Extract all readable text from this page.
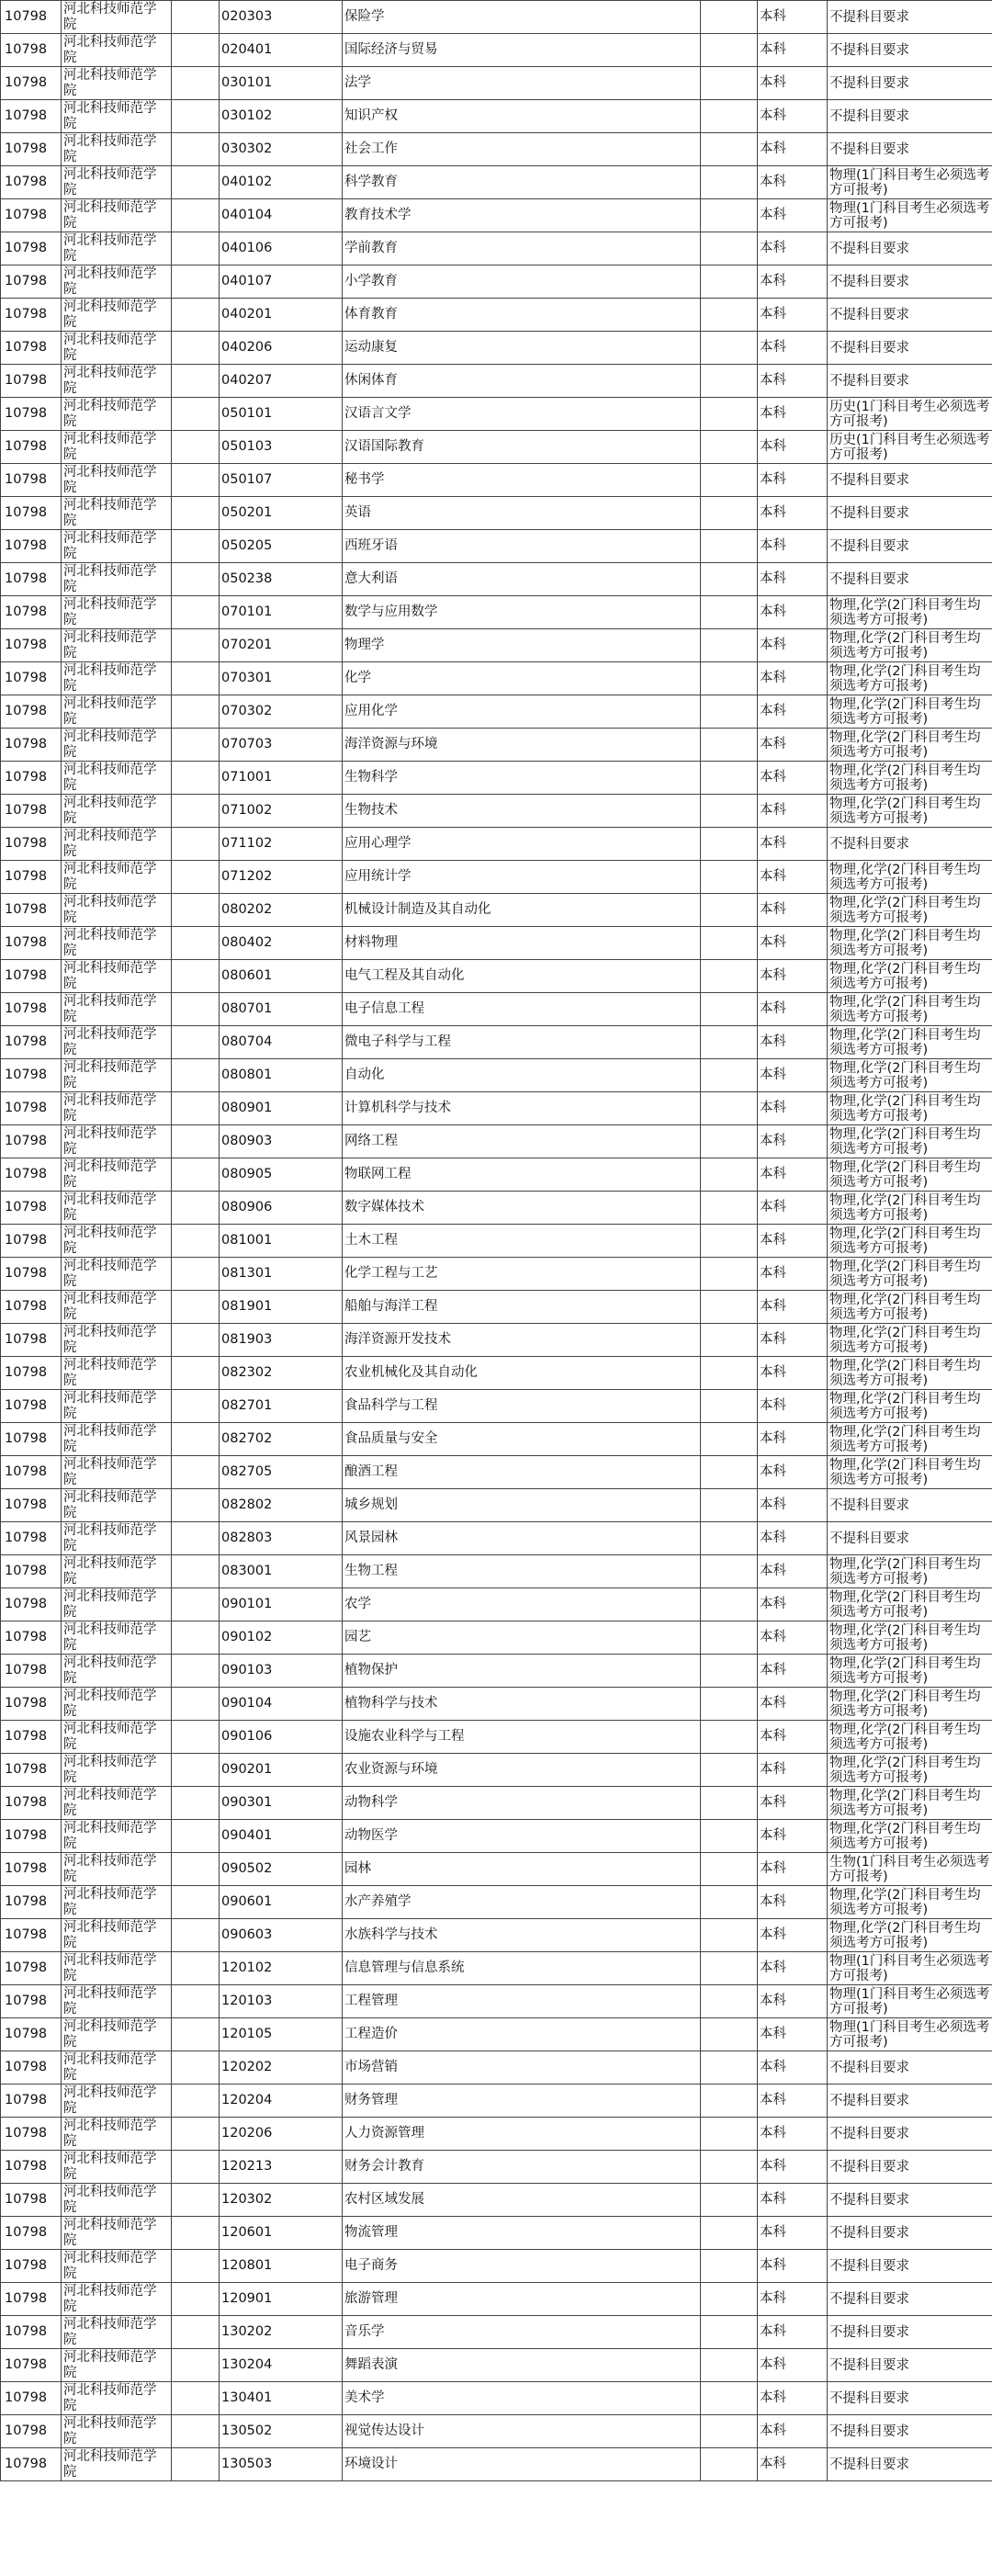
10798	河北科技师范学院		020303	保险学		本科	不提科目要求
10798	河北科技师范学院		020401	国际经济与贸易		本科	不提科目要求
10798	河北科技师范学院		030101	法学		本科	不提科目要求
10798	河北科技师范学院		030102	知识产权		本科	不提科目要求
10798	河北科技师范学院		030302	社会工作		本科	不提科目要求
10798	河北科技师范学院		040102	科学教育		本科	物理(1门科目考生必须选考方可报考)
10798	河北科技师范学院		040104	教育技术学		本科	物理(1门科目考生必须选考方可报考)
10798	河北科技师范学院		040106	学前教育		本科	不提科目要求
10798	河北科技师范学院		040107	小学教育		本科	不提科目要求
10798	河北科技师范学院		040201	体育教育		本科	不提科目要求
10798	河北科技师范学院		040206	运动康复		本科	不提科目要求
10798	河北科技师范学院		040207	休闲体育		本科	不提科目要求
10798	河北科技师范学院		050101	汉语言文学		本科	历史(1门科目考生必须选考方可报考)
10798	河北科技师范学院		050103	汉语国际教育		本科	历史(1门科目考生必须选考方可报考)
10798	河北科技师范学院		050107	秘书学		本科	不提科目要求
10798	河北科技师范学院		050201	英语		本科	不提科目要求
10798	河北科技师范学院		050205	西班牙语		本科	不提科目要求
10798	河北科技师范学院		050238	意大利语		本科	不提科目要求
10798	河北科技师范学院		070101	数学与应用数学		本科	物理,化学(2门科目考生均须选考方可报考)
10798	河北科技师范学院		070201	物理学		本科	物理,化学(2门科目考生均须选考方可报考)
10798	河北科技师范学院		070301	化学		本科	物理,化学(2门科目考生均须选考方可报考)
10798	河北科技师范学院		070302	应用化学		本科	物理,化学(2门科目考生均须选考方可报考)
10798	河北科技师范学院		070703	海洋资源与环境		本科	物理,化学(2门科目考生均须选考方可报考)
10798	河北科技师范学院		071001	生物科学		本科	物理,化学(2门科目考生均须选考方可报考)
10798	河北科技师范学院		071002	生物技术		本科	物理,化学(2门科目考生均须选考方可报考)
10798	河北科技师范学院		071102	应用心理学		本科	不提科目要求
10798	河北科技师范学院		071202	应用统计学		本科	物理,化学(2门科目考生均须选考方可报考)
10798	河北科技师范学院		080202	机械设计制造及其自动化		本科	物理,化学(2门科目考生均须选考方可报考)
10798	河北科技师范学院		080402	材料物理		本科	物理,化学(2门科目考生均须选考方可报考)
10798	河北科技师范学院		080601	电气工程及其自动化		本科	物理,化学(2门科目考生均须选考方可报考)
10798	河北科技师范学院		080701	电子信息工程		本科	物理,化学(2门科目考生均须选考方可报考)
10798	河北科技师范学院		080704	微电子科学与工程		本科	物理,化学(2门科目考生均须选考方可报考)
10798	河北科技师范学院		080801	自动化		本科	物理,化学(2门科目考生均须选考方可报考)
10798	河北科技师范学院		080901	计算机科学与技术		本科	物理,化学(2门科目考生均须选考方可报考)
10798	河北科技师范学院		080903	网络工程		本科	物理,化学(2门科目考生均须选考方可报考)
10798	河北科技师范学院		080905	物联网工程		本科	物理,化学(2门科目考生均须选考方可报考)
10798	河北科技师范学院		080906	数字媒体技术		本科	物理,化学(2门科目考生均须选考方可报考)
10798	河北科技师范学院		081001	土木工程		本科	物理,化学(2门科目考生均须选考方可报考)
10798	河北科技师范学院		081301	化学工程与工艺		本科	物理,化学(2门科目考生均须选考方可报考)
10798	河北科技师范学院		081901	船舶与海洋工程		本科	物理,化学(2门科目考生均须选考方可报考)
10798	河北科技师范学院		081903	海洋资源开发技术		本科	物理,化学(2门科目考生均须选考方可报考)
10798	河北科技师范学院		082302	农业机械化及其自动化		本科	物理,化学(2门科目考生均须选考方可报考)
10798	河北科技师范学院		082701	食品科学与工程		本科	物理,化学(2门科目考生均须选考方可报考)
10798	河北科技师范学院		082702	食品质量与安全		本科	物理,化学(2门科目考生均须选考方可报考)
10798	河北科技师范学院		082705	酿酒工程		本科	物理,化学(2门科目考生均须选考方可报考)
10798	河北科技师范学院		082802	城乡规划		本科	不提科目要求
10798	河北科技师范学院		082803	风景园林		本科	不提科目要求
10798	河北科技师范学院		083001	生物工程		本科	物理,化学(2门科目考生均须选考方可报考)
10798	河北科技师范学院		090101	农学		本科	物理,化学(2门科目考生均须选考方可报考)
10798	河北科技师范学院		090102	园艺		本科	物理,化学(2门科目考生均须选考方可报考)
10798	河北科技师范学院		090103	植物保护		本科	物理,化学(2门科目考生均须选考方可报考)
10798	河北科技师范学院		090104	植物科学与技术		本科	物理,化学(2门科目考生均须选考方可报考)
10798	河北科技师范学院		090106	设施农业科学与工程		本科	物理,化学(2门科目考生均须选考方可报考)
10798	河北科技师范学院		090201	农业资源与环境		本科	物理,化学(2门科目考生均须选考方可报考)
10798	河北科技师范学院		090301	动物科学		本科	物理,化学(2门科目考生均须选考方可报考)
10798	河北科技师范学院		090401	动物医学		本科	物理,化学(2门科目考生均须选考方可报考)
10798	河北科技师范学院		090502	园林		本科	生物(1门科目考生必须选考方可报考)
10798	河北科技师范学院		090601	水产养殖学		本科	物理,化学(2门科目考生均须选考方可报考)
10798	河北科技师范学院		090603	水族科学与技术		本科	物理,化学(2门科目考生均须选考方可报考)
10798	河北科技师范学院		120102	信息管理与信息系统		本科	物理(1门科目考生必须选考方可报考)
10798	河北科技师范学院		120103	工程管理		本科	物理(1门科目考生必须选考方可报考)
10798	河北科技师范学院		120105	工程造价		本科	物理(1门科目考生必须选考方可报考)
10798	河北科技师范学院		120202	市场营销		本科	不提科目要求
10798	河北科技师范学院		120204	财务管理		本科	不提科目要求
10798	河北科技师范学院		120206	人力资源管理		本科	不提科目要求
10798	河北科技师范学院		120213	财务会计教育		本科	不提科目要求
10798	河北科技师范学院		120302	农村区域发展		本科	不提科目要求
10798	河北科技师范学院		120601	物流管理		本科	不提科目要求
10798	河北科技师范学院		120801	电子商务		本科	不提科目要求
10798	河北科技师范学院		120901	旅游管理		本科	不提科目要求
10798	河北科技师范学院		130202	音乐学		本科	不提科目要求
10798	河北科技师范学院		130204	舞蹈表演		本科	不提科目要求
10798	河北科技师范学院		130401	美术学		本科	不提科目要求
10798	河北科技师范学院		130502	视觉传达设计		本科	不提科目要求
10798	河北科技师范学院		130503	环境设计		本科	不提科目要求
